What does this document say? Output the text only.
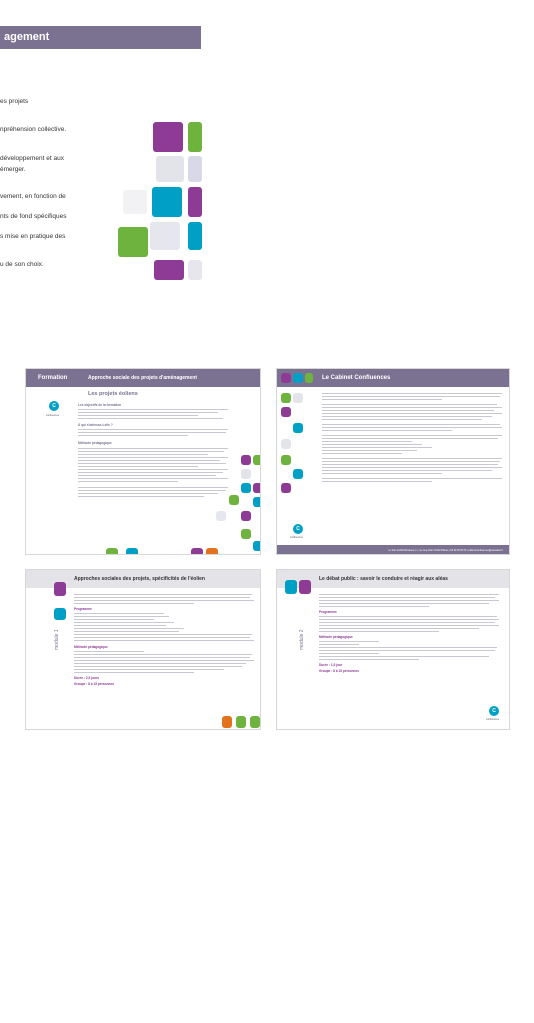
agement
es projets
npréhension collective.
développement et aux
émerger.
vement, en fonction de
nts de fond spécifiques
s mise en pratique des
u de son choix.
Formation	Approche sociale des projets d'aménagement
C
conf/uences
Les projets éoliens
Les objectifs de la formation
À qui s'adresse-t-elle ?
Méthode pédagogique
Le Cabinet Confluences
C
confluences
Le Soin 11000 Bordeaux | 1, rue Guy Rafn 70110 Plainte | 06 90 05 06 05 | cabinetconfluences@wanadoo.fr
Approches sociales des projets, spécificités de l'éolien
module 1
Programme
Méthode pédagogique
Durée : 2,5 jours
Groupe : 8 à 15 personnes
Le débat public : savoir le conduire et réagir aux aléas
module 2
Programme
Méthode pédagogique
Durée : 1,5 jour
Groupe : 8 à 15 personnes
C
conf/uences
